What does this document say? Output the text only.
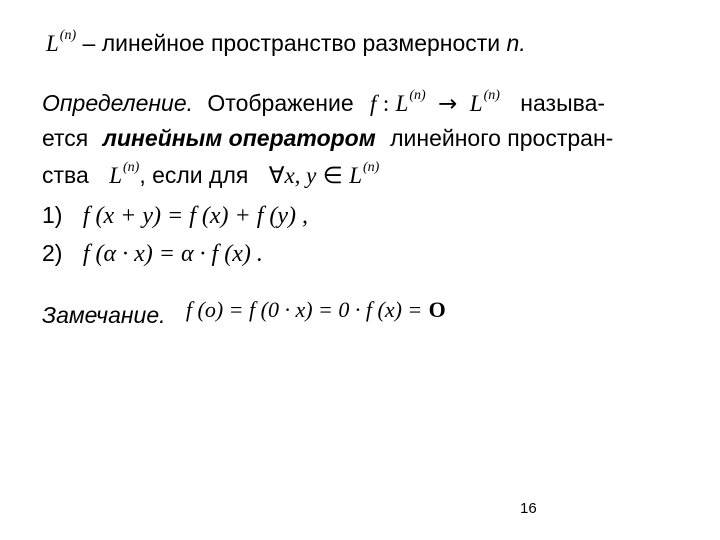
$L^{(n)}$ – линейное пространство размерности n.
Определение. Отображение f : $L^{(n)} \to L^{(n)}$ называ-
ется линейным оператором линейного простран-
ства $L^{(n)}$, если для ∀x, y ∈ $L^{(n)}$
1) f (x + y) = f (x) + f (y) ,
2) f (α · x) = α · f (x) .
Замечание. f (o) = f (0 · x) = 0 · f (x) = O
16
